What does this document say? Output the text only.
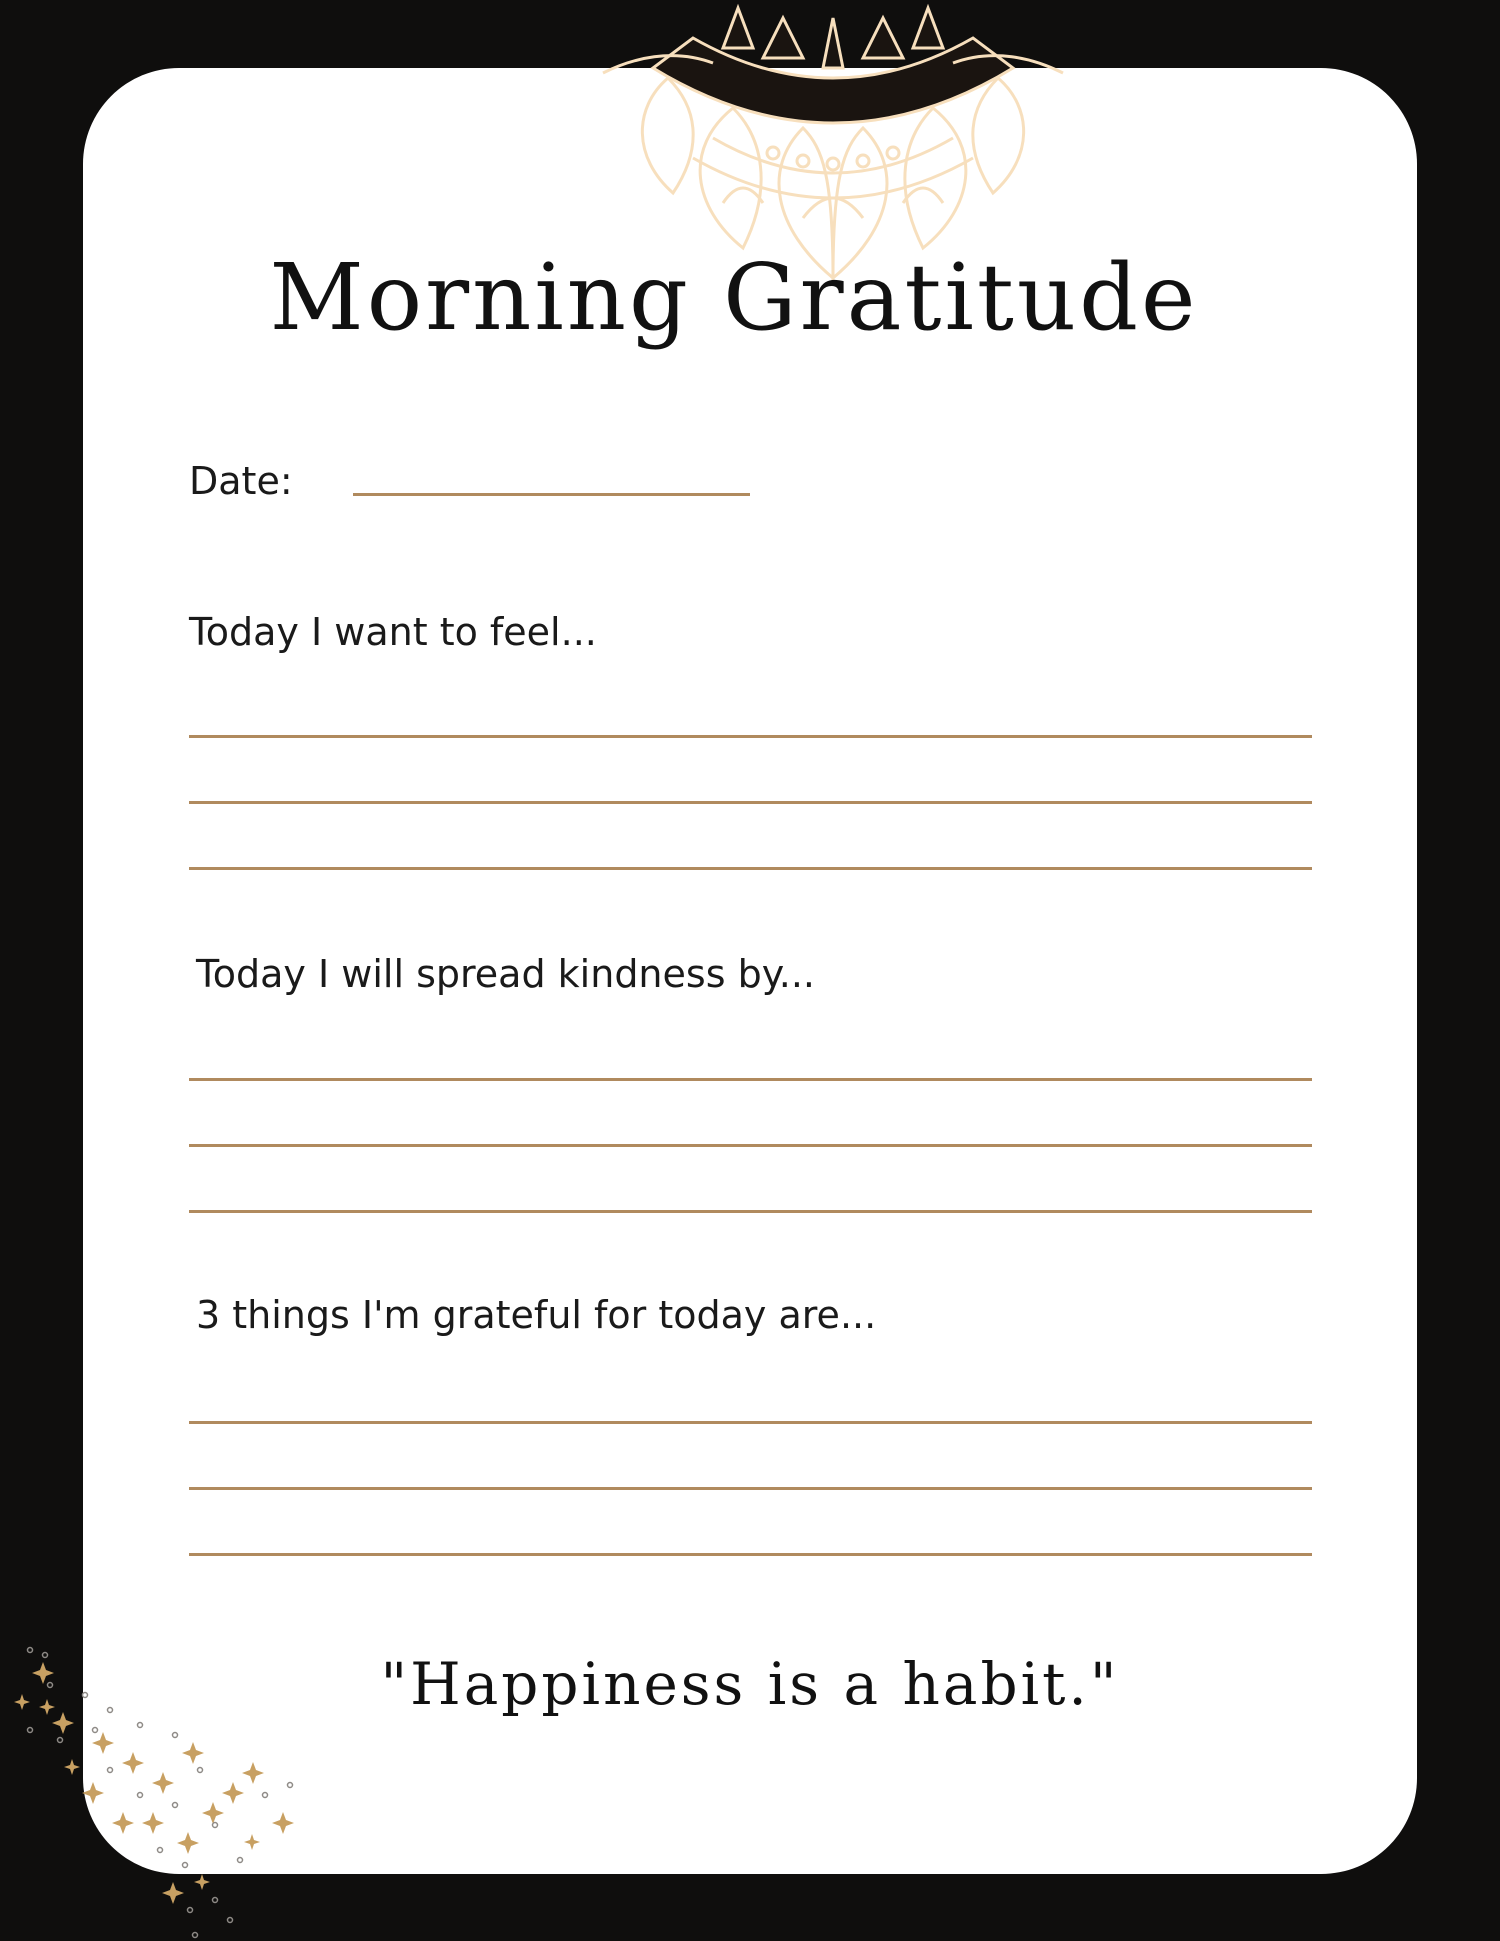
Morning Gratitude
Date:
Today I want to feel...
Today I will spread kindness by...
3 things I'm grateful for today are...
"Happiness is a habit."
